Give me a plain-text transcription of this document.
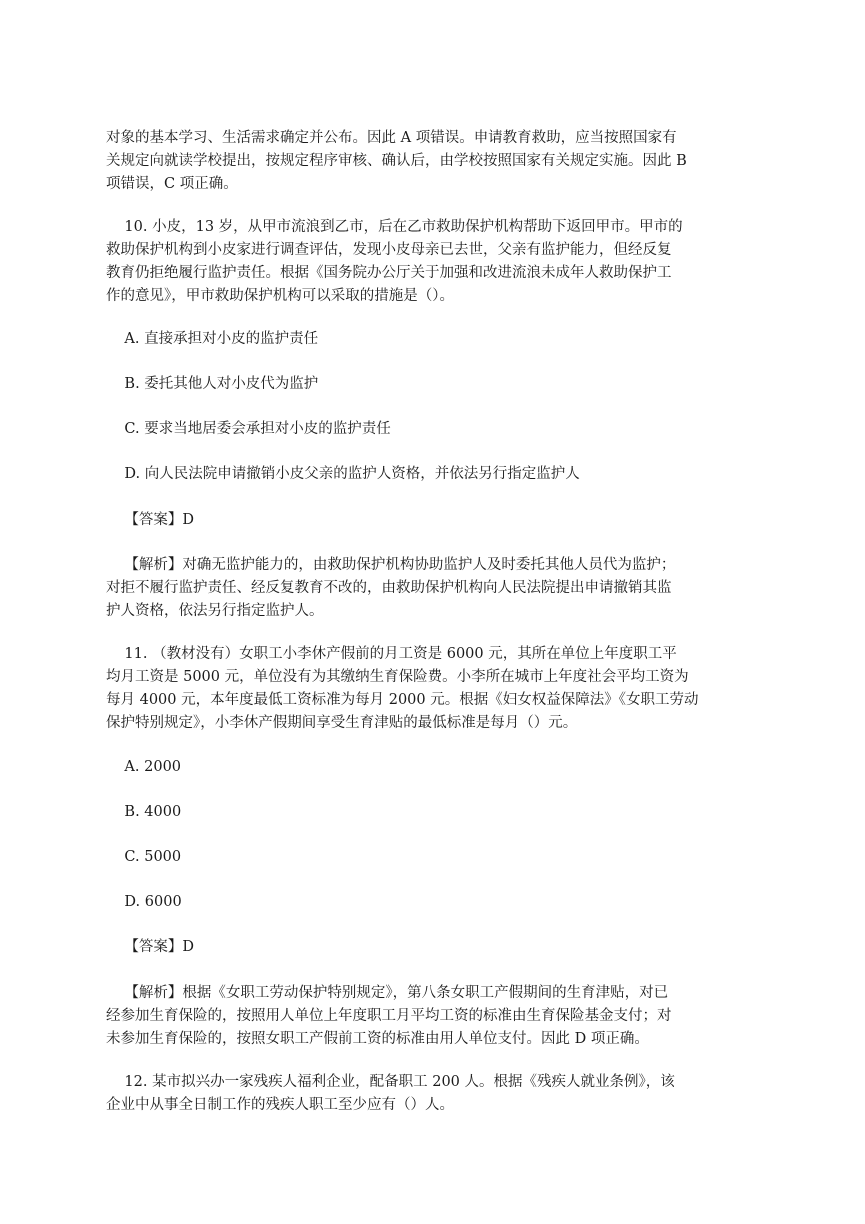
对象的基本学习、生活需求确定并公布。因此 A 项错误。申请教育救助，应当按照国家有
关规定向就读学校提出，按规定程序审核、确认后，由学校按照国家有关规定实施。因此 B
项错误，C 项正确。
10. 小皮，13 岁，从甲市流浪到乙市，后在乙市救助保护机构帮助下返回甲市。甲市的
救助保护机构到小皮家进行调查评估，发现小皮母亲已去世，父亲有监护能力，但经反复
教育仍拒绝履行监护责任。根据《国务院办公厅关于加强和改进流浪未成年人救助保护工
作的意见》，甲市救助保护机构可以采取的措施是（）。
A. 直接承担对小皮的监护责任
B. 委托其他人对小皮代为监护
C. 要求当地居委会承担对小皮的监护责任
D. 向人民法院申请撤销小皮父亲的监护人资格，并依法另行指定监护人
【答案】D
【解析】对确无监护能力的，由救助保护机构协助监护人及时委托其他人员代为监护；
对拒不履行监护责任、经反复教育不改的，由救助保护机构向人民法院提出申请撤销其监
护人资格，依法另行指定监护人。
11. （教材没有）女职工小李休产假前的月工资是 6000 元，其所在单位上年度职工平
均月工资是 5000 元，单位没有为其缴纳生育保险费。小李所在城市上年度社会平均工资为
每月 4000 元，本年度最低工资标准为每月 2000 元。根据《妇女权益保障法》《女职工劳动
保护特别规定》，小李休产假期间享受生育津贴的最低标准是每月（）元。
A. 2000
B. 4000
C. 5000
D. 6000
【答案】D
【解析】根据《女职工劳动保护特别规定》，第八条女职工产假期间的生育津贴，对已
经参加生育保险的，按照用人单位上年度职工月平均工资的标准由生育保险基金支付；对
未参加生育保险的，按照女职工产假前工资的标准由用人单位支付。因此 D 项正确。
12. 某市拟兴办一家残疾人福利企业，配备职工 200 人。根据《残疾人就业条例》，该
企业中从事全日制工作的残疾人职工至少应有（）人。
